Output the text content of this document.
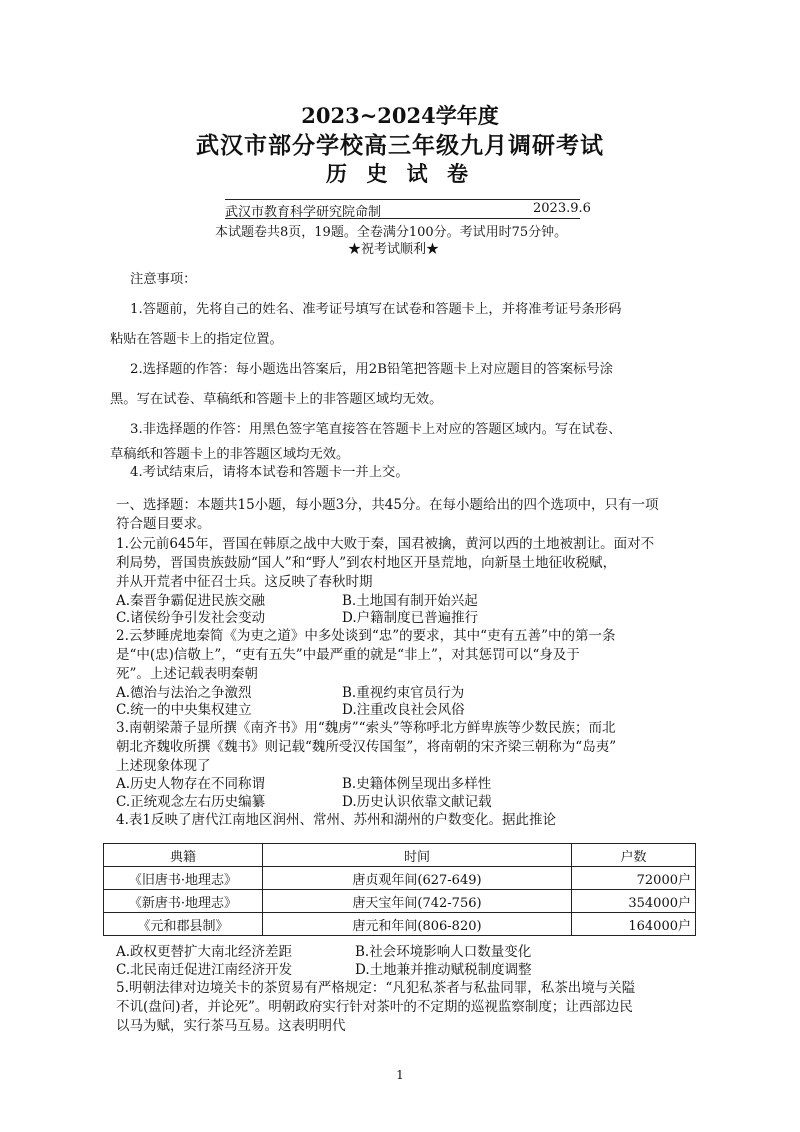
2023~2024学年度
武汉市部分学校高三年级九月调研考试
历 史 试 卷
武汉市教育科学研究院命制	2023.9.6
本试题卷共8页，19题。全卷满分100分。考试用时75分钟。
★祝考试顺利★
注意事项：
1.答题前，先将自己的姓名、准考证号填写在试卷和答题卡上，并将准考证号条形码
粘贴在答题卡上的指定位置。
2.选择题的作答：每小题选出答案后，用2B铅笔把答题卡上对应题目的答案标号涂
黑。写在试卷、草稿纸和答题卡上的非答题区域均无效。
3.非选择题的作答：用黑色签字笔直接答在答题卡上对应的答题区域内。写在试卷、
草稿纸和答题卡上的非答题区域均无效。
4.考试结束后，请将本试卷和答题卡一并上交。
一、选择题：本题共15小题，每小题3分，共45分。在每小题给出的四个选项中，只有一项
符合题目要求。
1.公元前645年，晋国在韩原之战中大败于秦，国君被擒，黄河以西的土地被割让。面对不
利局势，晋国贵族鼓励“国人”和“野人”到农村地区开垦荒地，向新垦土地征收税赋，
并从开荒者中征召士兵。这反映了春秋时期
A.秦晋争霸促进民族交融	B.土地国有制开始兴起
C.诸侯纷争引发社会变动	D.户籍制度已普遍推行
2.云梦睡虎地秦简《为吏之道》中多处谈到“忠”的要求，其中“吏有五善”中的第一条
是“中(忠)信敬上”，“吏有五失”中最严重的就是“非上”，对其惩罚可以“身及于
死”。上述记载表明秦朝
A.德治与法治之争激烈	B.重视约束官员行为
C.统一的中央集权建立	D.注重改良社会风俗
3.南朝梁萧子显所撰《南齐书》用“魏虏”“索头”等称呼北方鲜卑族等少数民族；而北
朝北齐魏收所撰《魏书》则记载“魏所受汉传国玺”，将南朝的宋齐梁三朝称为“岛夷”
上述现象体现了
A.历史人物存在不同称谓	B.史籍体例呈现出多样性
C.正统观念左右历史编纂	D.历史认识依靠文献记载
4.表1反映了唐代江南地区润州、常州、苏州和湖州的户数变化。据此推论
典籍	时间	户数
《旧唐书·地理志》	唐贞观年间(627-649)	72000户
《新唐书·地理志》	唐天宝年间(742-756)	354000户
《元和郡县制》	唐元和年间(806-820)	164000户
A.政权更替扩大南北经济差距	B.社会环境影响人口数量变化
C.北民南迁促进江南经济开发	D.土地兼并推动赋税制度调整
5.明朝法律对边境关卡的茶贸易有严格规定：“凡犯私茶者与私盐同罪，私茶出境与关隘
不讥(盘问)者，并论死”。明朝政府实行针对茶叶的不定期的巡视监察制度；让西部边民
以马为赋，实行茶马互易。这表明明代
1
